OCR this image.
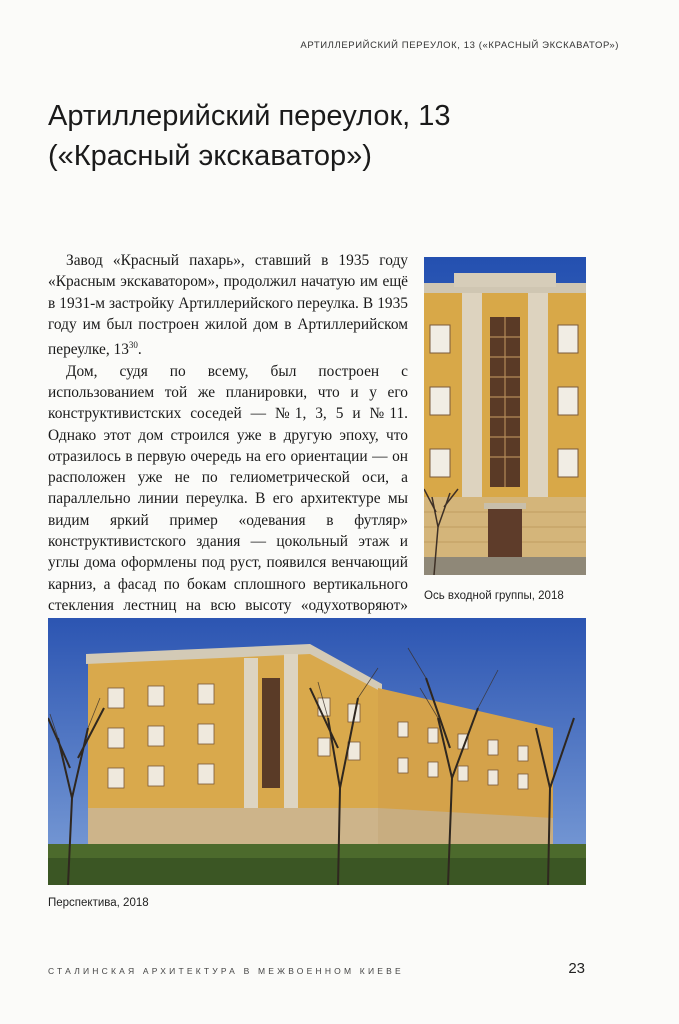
АРТИЛЛЕРИЙСКИЙ ПЕРЕУЛОК, 13 («КРАСНЫЙ ЭКСКАВАТОР»)
Артиллерийский переулок, 13
(«Красный экскаватор»)

Завод «Красный пахарь», ставший в 1935 году «Красным экскаватором», продолжил начатую им ещё в 1931-м застройку Артиллерийского переулка. В 1935 году им был построен жилой дом в Артиллерийском переулке, $13^{30}$.

Дом, судя по всему, был построен с использованием той же планировки, что и у его конструктивистских соседей — №1, 3, 5 и №11. Однако этот дом строился уже в другую эпоху, что отразилось в первую очередь на его ориентации — он расположен уже не по гелиометрической оси, а параллельно линии переулка. В его архитектуре мы видим яркий пример «одевания в футляр» конструктивистского здания — цокольный этаж и углы дома оформлены под руст, появился венчающий карниз, а фасад по бокам сплошного вертикального стекления лестниц на всю высоту «одухотворяют»

Ось входной группы, 2018
Перспектива, 2018
СТАЛИНСКАЯ АРХИТЕКТУРА В МЕЖВОЕННОМ КИЕВЕ	23
